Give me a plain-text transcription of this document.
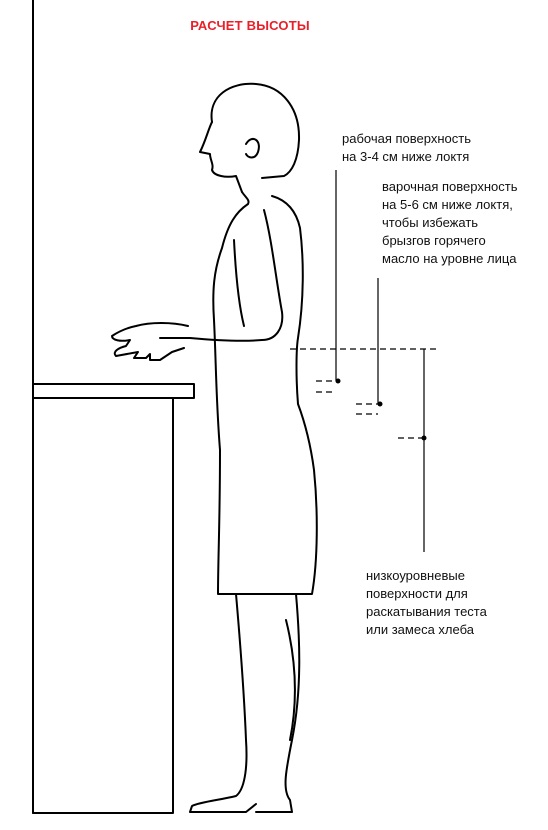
РАСЧЕТ ВЫСОТЫ
рабочая поверхность
на 3-4 см ниже локтя
варочная поверхность
на 5-6 см ниже локтя,
чтобы избежать
брызгов горячего
масло на уровне лица
низкоуровневые
поверхности для
раскатывания теста
или замеса хлеба
